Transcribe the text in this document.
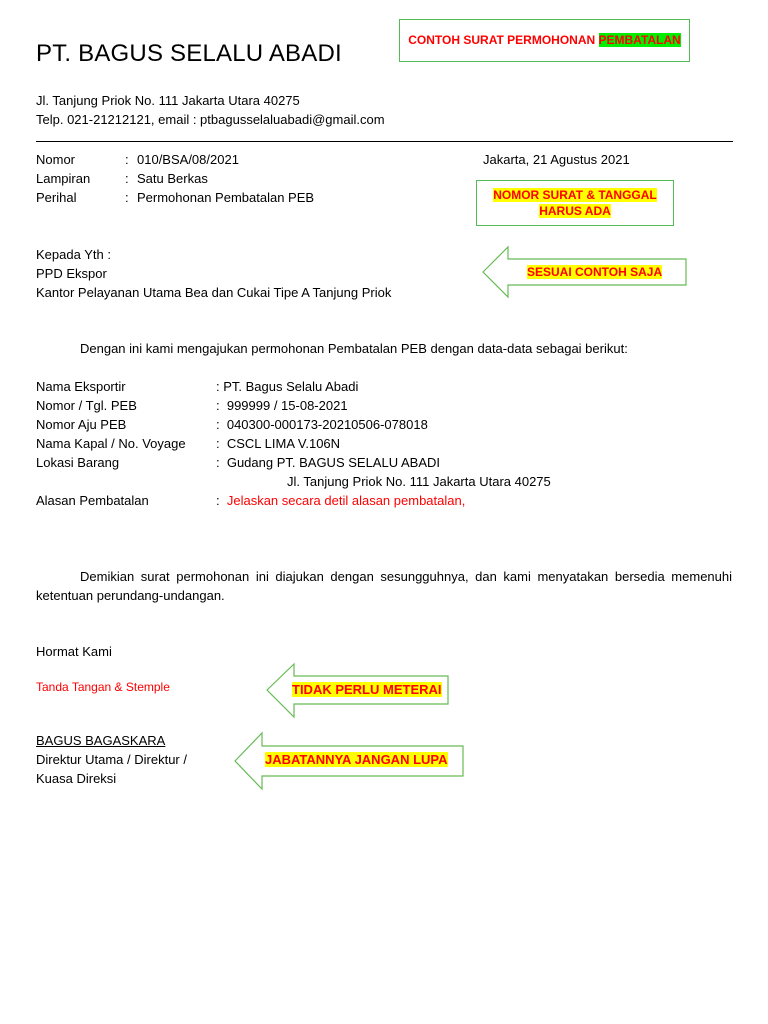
PT. BAGUS SELALU ABADI
Jl. Tanjung Priok No. 111 Jakarta Utara 40275
Telp. 021-21212121, email : ptbagusselaluabadi@gmail.com
CONTOH SURAT PERMOHONAN PEMBATALAN
Nomor	: 010/BSA/08/2021
Lampiran	: Satu Berkas
Perihal	: Permohonan Pembatalan PEB
Jakarta, 21 Agustus 2021
NOMOR SURAT & TANGGAL
HARUS ADA
Kepada Yth :
PPD Ekspor
Kantor Pelayanan Utama Bea dan Cukai Tipe A Tanjung Priok
SESUAI CONTOH SAJA
Dengan ini kami mengajukan permohonan Pembatalan PEB dengan data-data sebagai berikut:
Nama Eksportir	: PT. Bagus Selalu Abadi
Nomor / Tgl. PEB	:  999999 / 15-08-2021
Nomor Aju PEB	:  040300-000173-20210506-078018
Nama Kapal / No. Voyage :  CSCL LIMA V.106N
Lokasi Barang	:  Gudang PT. BAGUS SELALU ABADI
Jl. Tanjung Priok No. 111 Jakarta Utara 40275
Alasan Pembatalan	:  Jelaskan secara detil alasan pembatalan,
Demikian surat permohonan ini diajukan dengan sesungguhnya, dan kami menyatakan bersedia memenuhi ketentuan perundang-undangan.
Hormat Kami
Tanda Tangan & Stemple	TIDAK PERLU METERAI
BAGUS BAGASKARA
Direktur Utama / Direktur /
Kuasa Direksi
JABATANNYA JANGAN LUPA
